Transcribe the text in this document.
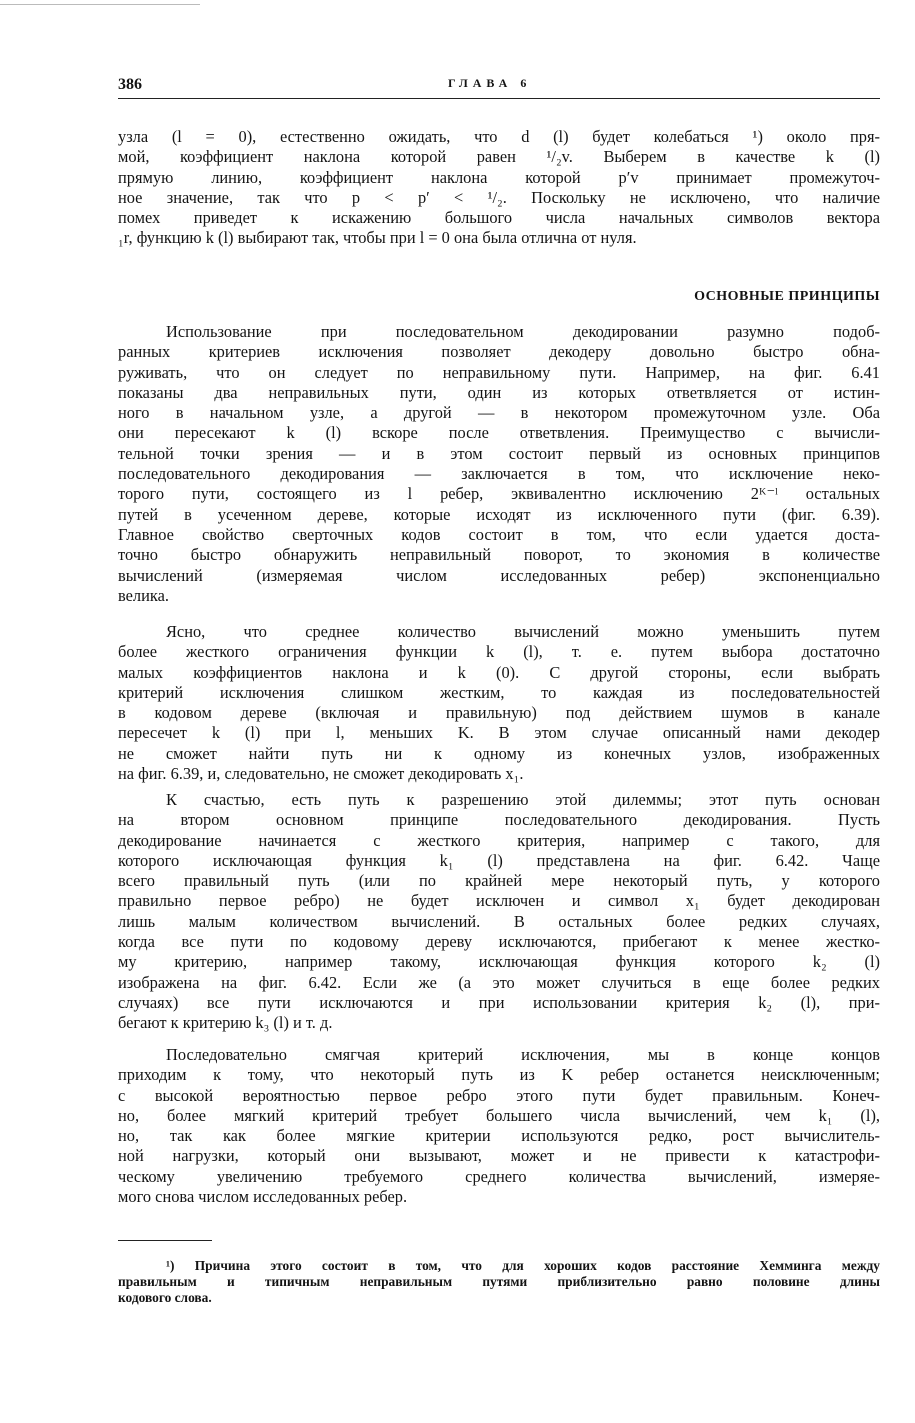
386	ГЛАВА 6
узла (l = 0), естественно ожидать, что d (l) будет колебаться ¹) около пря-
мой, коэффициент наклона которой равен ¹/₂v. Выберем в качестве k (l)
прямую линию, коэффициент наклона которой p′v принимает промежуточ-
ное значение, так что p < p′ < ¹/₂. Поскольку не исключено, что наличие
помех приведет к искажению большого числа начальных символов вектора
₁r, функцию k (l) выбирают так, чтобы при l = 0 она была отлична от нуля.
ОСНОВНЫЕ ПРИНЦИПЫ
Использование при последовательном декодировании разумно подоб-
ранных критериев исключения позволяет декодеру довольно быстро обна-
руживать, что он следует по неправильному пути. Например, на фиг. 6.41
показаны два неправильных пути, один из которых ответвляется от истин-
ного в начальном узле, а другой — в некотором промежуточном узле. Оба
они пересекают k (l) вскоре после ответвления. Преимущество с вычисли-
тельной точки зрения — и в этом состоит первый из основных принципов
последовательного декодирования — заключается в том, что исключение неко-
торого пути, состоящего из l ребер, эквивалентно исключению 2ᴷ⁻ˡ остальных
путей в усеченном дереве, которые исходят из исключенного пути (фиг. 6.39).
Главное свойство сверточных кодов состоит в том, что если удается доста-
точно быстро обнаружить неправильный поворот, то экономия в количестве
вычислений (измеряемая числом исследованных ребер) экспоненциально
велика.
Ясно, что среднее количество вычислений можно уменьшить путем
более жесткого ограничения функции k (l), т. е. путем выбора достаточно
малых коэффициентов наклона и k (0). С другой стороны, если выбрать
критерий исключения слишком жестким, то каждая из последовательностей
в кодовом дереве (включая и правильную) под действием шумов в канале
пересечет k (l) при l, меньших K. В этом случае описанный нами декодер
не сможет найти путь ни к одному из конечных узлов, изображенных
на фиг. 6.39, и, следовательно, не сможет декодировать x₁.
К счастью, есть путь к разрешению этой дилеммы; этот путь основан
на втором основном принципе последовательного декодирования. Пусть
декодирование начинается с жесткого критерия, например с такого, для
которого исключающая функция k₁ (l) представлена на фиг. 6.42. Чаще
всего правильный путь (или по крайней мере некоторый путь, у которого
правильно первое ребро) не будет исключен и символ x₁ будет декодирован
лишь малым количеством вычислений. В остальных более редких случаях,
когда все пути по кодовому дереву исключаются, прибегают к менее жестко-
му критерию, например такому, исключающая функция которого k₂ (l)
изображена на фиг. 6.42. Если же (а это может случиться в еще более редких
случаях) все пути исключаются и при использовании критерия k₂ (l), при-
бегают к критерию k₃ (l) и т. д.
Последовательно смягчая критерий исключения, мы в конце концов
приходим к тому, что некоторый путь из K ребер останется неисключенным;
с высокой вероятностью первое ребро этого пути будет правильным. Конеч-
но, более мягкий критерий требует большего числа вычислений, чем k₁ (l),
но, так как более мягкие критерии используются редко, рост вычислитель-
ной нагрузки, который они вызывают, может и не привести к катастрофи-
ческому увеличению требуемого среднего количества вычислений, измеряе-
мого снова числом исследованных ребер.
¹) Причина этого состоит в том, что для хороших кодов расстояние Хемминга между
правильным и типичным неправильным путями приблизительно равно половине длины
кодового слова.
